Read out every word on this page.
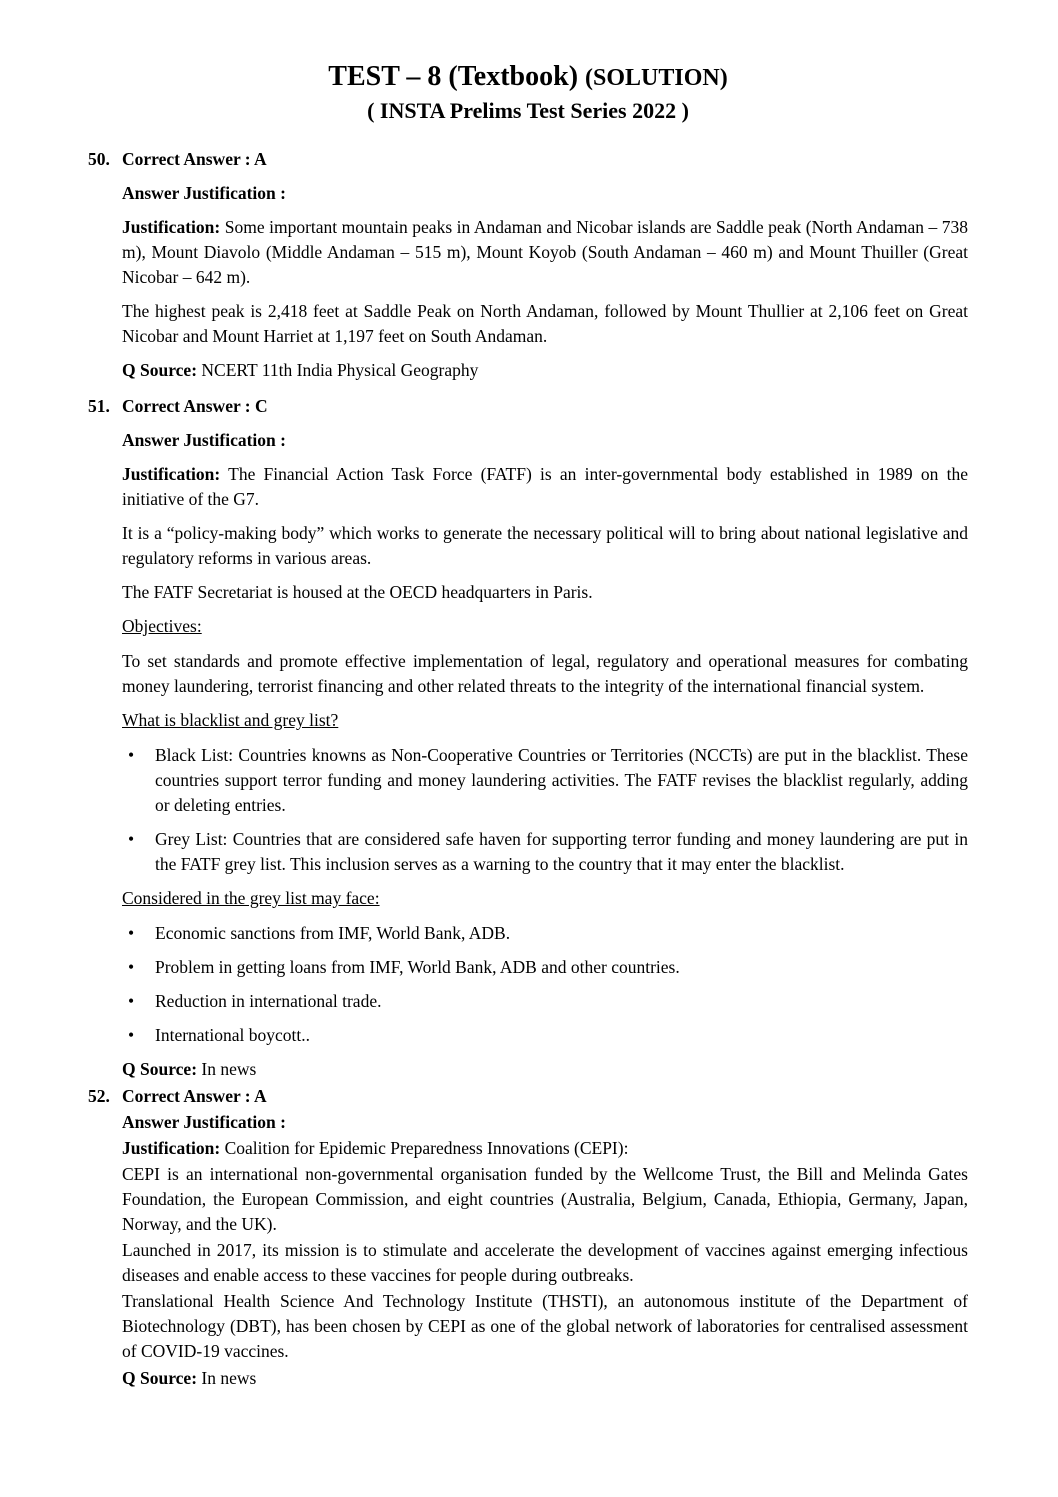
TEST – 8 (Textbook) (SOLUTION)
( INSTA Prelims Test Series 2022 )
50. Correct Answer : A

Answer Justification :

Justification: Some important mountain peaks in Andaman and Nicobar islands are Saddle peak (North Andaman – 738 m), Mount Diavolo (Middle Andaman – 515 m), Mount Koyob (South Andaman – 460 m) and Mount Thuiller (Great Nicobar – 642 m).

The highest peak is 2,418 feet at Saddle Peak on North Andaman, followed by Mount Thullier at 2,106 feet on Great Nicobar and Mount Harriet at 1,197 feet on South Andaman.

Q Source: NCERT 11th India Physical Geography

51. Correct Answer : C

Answer Justification :

Justification: The Financial Action Task Force (FATF) is an inter-governmental body established in 1989 on the initiative of the G7.

It is a “policy-making body” which works to generate the necessary political will to bring about national legislative and regulatory reforms in various areas.

The FATF Secretariat is housed at the OECD headquarters in Paris.

Objectives:

To set standards and promote effective implementation of legal, regulatory and operational measures for combating money laundering, terrorist financing and other related threats to the integrity of the international financial system.

What is blacklist and grey list?

• Black List: Countries knowns as Non-Cooperative Countries or Territories (NCCTs) are put in the blacklist. These countries support terror funding and money laundering activities. The FATF revises the blacklist regularly, adding or deleting entries.
• Grey List: Countries that are considered safe haven for supporting terror funding and money laundering are put in the FATF grey list. This inclusion serves as a warning to the country that it may enter the blacklist.

Considered in the grey list may face:

• Economic sanctions from IMF, World Bank, ADB.
• Problem in getting loans from IMF, World Bank, ADB and other countries.
• Reduction in international trade.
• International boycott..

Q Source: In news

52. Correct Answer : A

Answer Justification :

Justification: Coalition for Epidemic Preparedness Innovations (CEPI):

CEPI is an international non-governmental organisation funded by the Wellcome Trust, the Bill and Melinda Gates Foundation, the European Commission, and eight countries (Australia, Belgium, Canada, Ethiopia, Germany, Japan, Norway, and the UK).

Launched in 2017, its mission is to stimulate and accelerate the development of vaccines against emerging infectious diseases and enable access to these vaccines for people during outbreaks.

Translational Health Science And Technology Institute (THSTI), an autonomous institute of the Department of Biotechnology (DBT), has been chosen by CEPI as one of the global network of laboratories for centralised assessment of COVID-19 vaccines.

Q Source: In news
